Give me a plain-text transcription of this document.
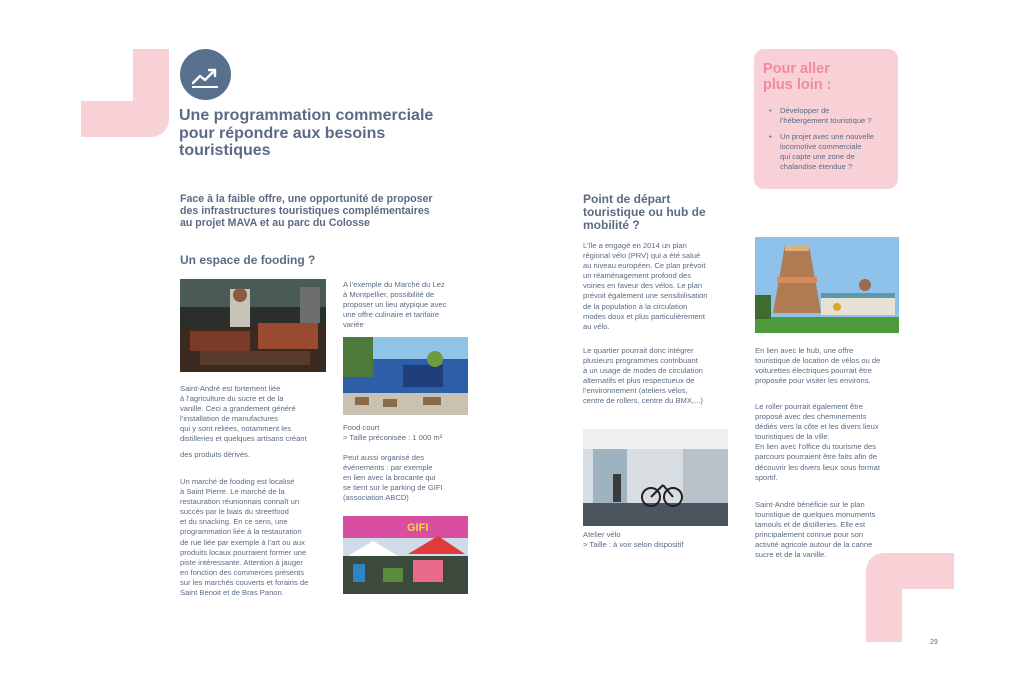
Une programmation commerciale
pour répondre aux besoins
touristiques
Face à la faible offre, une opportunité de proposer
des infrastructures touristiques complémentaires
au projet MAVA et au parc du Colosse
Un espace de fooding ?
Saint-André est fortement liée
à l’agriculture du sucre et de la
vanille. Ceci a grandement généré
l’installation de manufactures
qui y sont reliées, notamment les
distilleries et quelques artisans créant
des produits dérivés.
Un marché de fooding est localisé
à Saint Pierre. Le marché de la
restauration réunionnais connaît un
succès par le biais du streetfood
et du snacking. En ce sens, une
programmation liée à la restauration
de rue liée par exemple à l’art ou aux
produits locaux pourraient former une
piste intéressante. Attention à jauger
en fonction des commerces présents
sur les marchés couverts et forains de
Saint Benoit et de Bras Panon.
A l’exemple du Marché du Lez
à Montpellier, possibilité de
proposer un lieu atypique avec
une offre culinaire et tarifaire
variée
Food court
> Taille préconisée : 1 000 m²
Peut aussi organisé des
événements : par exemple
en lien avec la brocante qui
se tient sur le parking de GIFI
(association ABCD)
GIFI
Point de départ
touristique ou hub de
mobilité ?
L’île a engagé en 2014 un plan
régional vélo (PRV) qui a été salué
au niveau européen. Ce plan prévoit
un réaménagement profond des
voiries en faveur des vélos. Le plan
prévoit également une sensibilisation
de la population à la circulation
modes doux et plus particulièrement
au vélo.
Le quartier pourrait donc intégrer
plusieurs programmes contribuant
à un usage de modes de circulation
alternatifs et plus respectueux de
l’environnement (ateliers vélos,
centre de rollers, centre du BMX,...)
Atelier vélo
> Taille : à voir selon dispositif
En lien avec le hub, une offre
touristique de location de vélos ou de
voiturettes électriques pourrait être
proposée pour visiter les environs.
Le roller pourrait également être
proposé avec des cheminements
dédiés vers la côte et les divers lieux
touristiques de la ville.
En lien avec l’office du tourisme des
parcours pourraient être faits afin de
découvrir les divers lieux sous format
sportif.
Saint-André bénéficie sur le plan
touristique de quelques monuments
tamouls et de distilleries. Elle est
principalement connue pour son
activité agricole autour de la canne
sucre et de la vanille.
Pour aller
plus loin :
• Développer de
l’hébergement touristique ?
• Un projet avec une nouvelle
locomotive commerciale
qui capte une zone de
chalandise étendue ?
29
